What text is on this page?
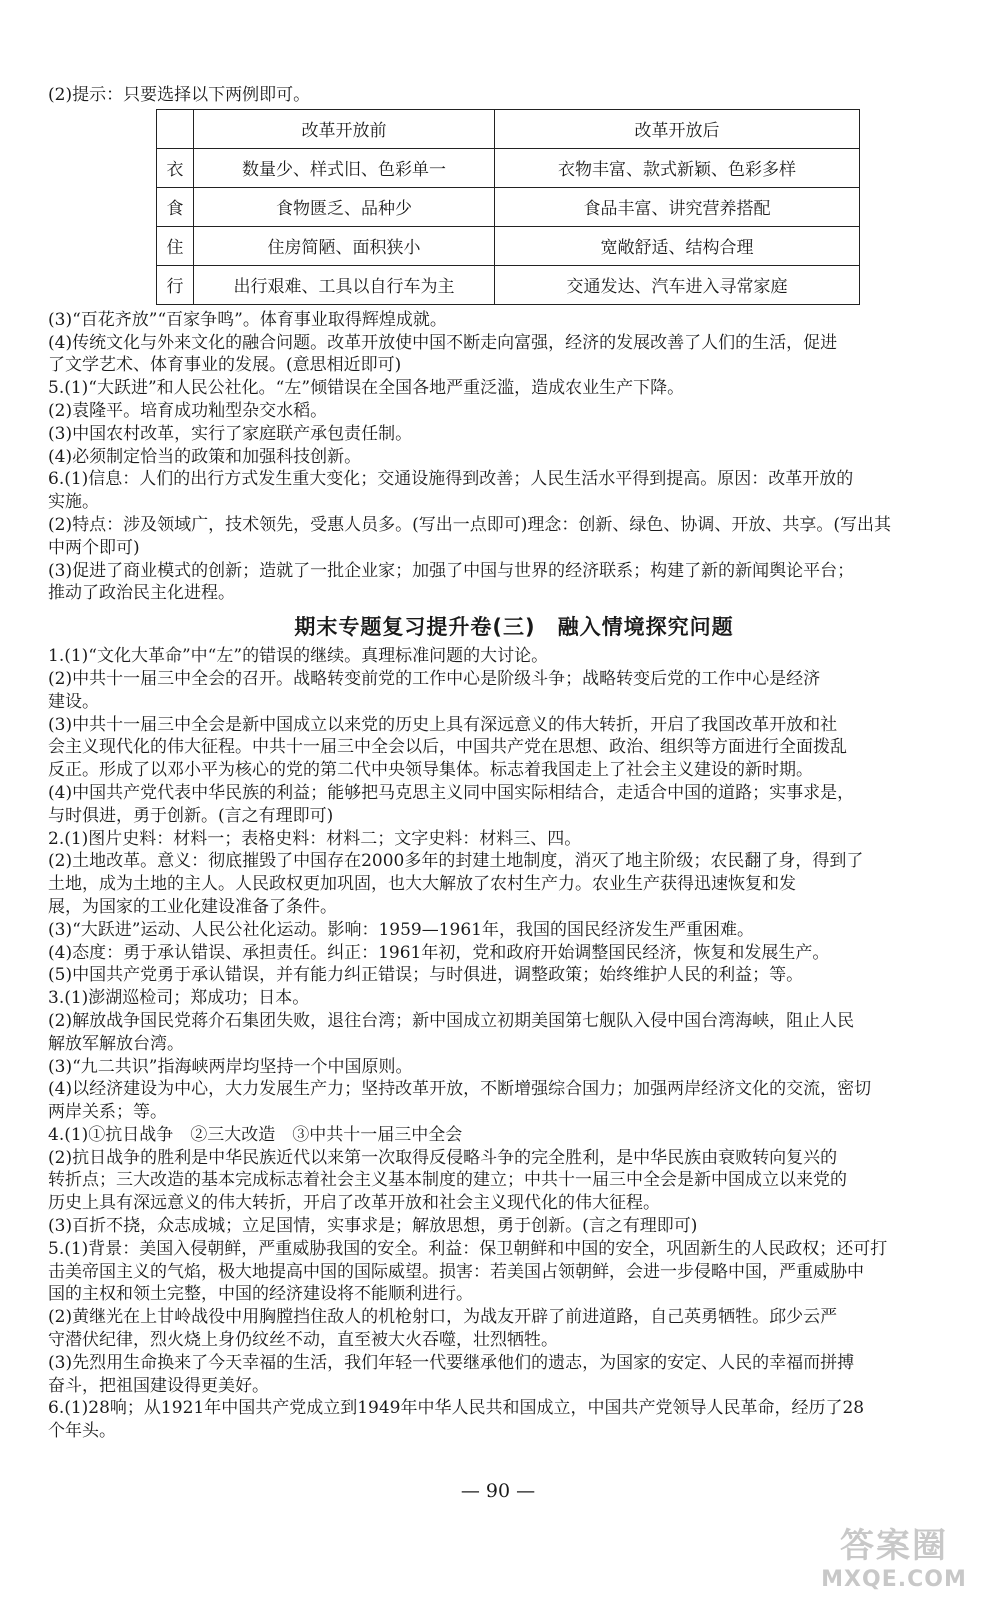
(2)提示：只要选择以下两例即可。

	改革开放前	改革开放后
衣	数量少、样式旧、色彩单一	衣物丰富、款式新颖、色彩多样
食	食物匮乏、品种少	食品丰富、讲究营养搭配
住	住房简陋、面积狭小	宽敞舒适、结构合理
行	出行艰难、工具以自行车为主	交通发达、汽车进入寻常家庭

(3)“百花齐放”“百家争鸣”。体育事业取得辉煌成就。

(4)传统文化与外来文化的融合问题。改革开放使中国不断走向富强，经济的发展改善了人们的生活，促进

了文学艺术、体育事业的发展。(意思相近即可)

5.(1)“大跃进”和人民公社化。“左”倾错误在全国各地严重泛滥，造成农业生产下降。

(2)袁隆平。培育成功籼型杂交水稻。

(3)中国农村改革，实行了家庭联产承包责任制。

(4)必须制定恰当的政策和加强科技创新。

6.(1)信息：人们的出行方式发生重大变化；交通设施得到改善；人民生活水平得到提高。原因：改革开放的

实施。

(2)特点：涉及领域广，技术领先，受惠人员多。(写出一点即可)理念：创新、绿色、协调、开放、共享。(写出其

中两个即可)

(3)促进了商业模式的创新；造就了一批企业家；加强了中国与世界的经济联系；构建了新的新闻舆论平台；

推动了政治民主化进程。

期末专题复习提升卷(三)　融入情境探究问题

1.(1)“文化大革命”中“左”的错误的继续。真理标准问题的大讨论。

(2)中共十一届三中全会的召开。战略转变前党的工作中心是阶级斗争；战略转变后党的工作中心是经济

建设。

(3)中共十一届三中全会是新中国成立以来党的历史上具有深远意义的伟大转折，开启了我国改革开放和社

会主义现代化的伟大征程。中共十一届三中全会以后，中国共产党在思想、政治、组织等方面进行全面拨乱

反正。形成了以邓小平为核心的党的第二代中央领导集体。标志着我国走上了社会主义建设的新时期。

(4)中国共产党代表中华民族的利益；能够把马克思主义同中国实际相结合，走适合中国的道路；实事求是，

与时俱进，勇于创新。(言之有理即可)

2.(1)图片史料：材料一；表格史料：材料二；文字史料：材料三、四。

(2)土地改革。意义：彻底摧毁了中国存在2000多年的封建土地制度，消灭了地主阶级；农民翻了身，得到了

土地，成为土地的主人。人民政权更加巩固，也大大解放了农村生产力。农业生产获得迅速恢复和发

展，为国家的工业化建设准备了条件。

(3)“大跃进”运动、人民公社化运动。影响：1959—1961年，我国的国民经济发生严重困难。

(4)态度：勇于承认错误、承担责任。纠正：1961年初，党和政府开始调整国民经济，恢复和发展生产。

(5)中国共产党勇于承认错误，并有能力纠正错误；与时俱进，调整政策；始终维护人民的利益；等。

3.(1)澎湖巡检司；郑成功；日本。

(2)解放战争国民党蒋介石集团失败，退往台湾；新中国成立初期美国第七舰队入侵中国台湾海峡，阻止人民

解放军解放台湾。

(3)“九二共识”指海峡两岸均坚持一个中国原则。

(4)以经济建设为中心，大力发展生产力；坚持改革开放，不断增强综合国力；加强两岸经济文化的交流，密切

两岸关系；等。

4.(1)①抗日战争　②三大改造　③中共十一届三中全会

(2)抗日战争的胜利是中华民族近代以来第一次取得反侵略斗争的完全胜利，是中华民族由衰败转向复兴的

转折点；三大改造的基本完成标志着社会主义基本制度的建立；中共十一届三中全会是新中国成立以来党的

历史上具有深远意义的伟大转折，开启了改革开放和社会主义现代化的伟大征程。

(3)百折不挠，众志成城；立足国情，实事求是；解放思想，勇于创新。(言之有理即可)

5.(1)背景：美国入侵朝鲜，严重威胁我国的安全。利益：保卫朝鲜和中国的安全，巩固新生的人民政权；还可打

击美帝国主义的气焰，极大地提高中国的国际威望。损害：若美国占领朝鲜，会进一步侵略中国，严重威胁中

国的主权和领土完整，中国的经济建设将不能顺利进行。

(2)黄继光在上甘岭战役中用胸膛挡住敌人的机枪射口，为战友开辟了前进道路，自己英勇牺牲。邱少云严

守潜伏纪律，烈火烧上身仍纹丝不动，直至被大火吞噬，壮烈牺牲。

(3)先烈用生命换来了今天幸福的生活，我们年轻一代要继承他们的遗志，为国家的安定、人民的幸福而拼搏

奋斗，把祖国建设得更美好。

6.(1)28响；从1921年中国共产党成立到1949年中华人民共和国成立，中国共产党领导人民革命，经历了28

个年头。

— 90 —
答案圈
MXQE.COM
